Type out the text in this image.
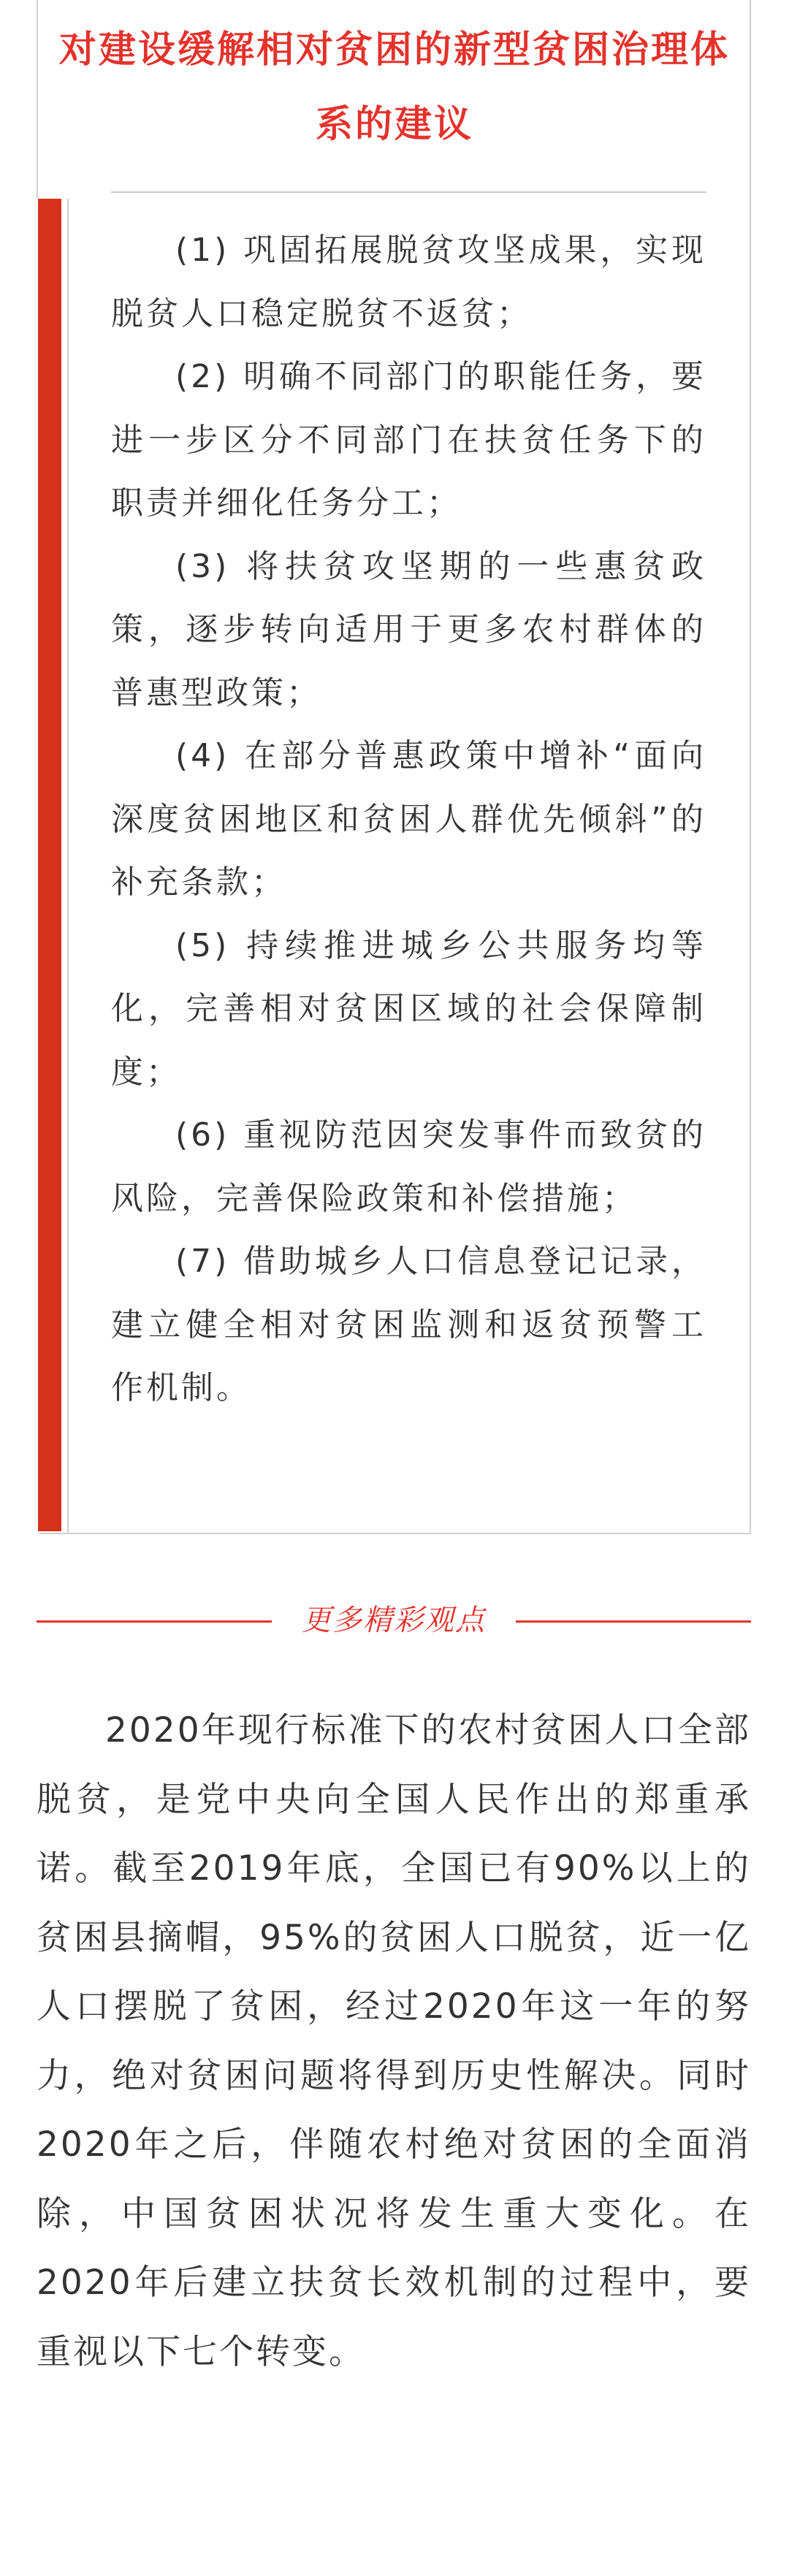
对建设缓解相对贫困的新型贫困治理体系的建议
(1) 巩固拓展脱贫攻坚成果，实现脱贫人口稳定脱贫不返贫；
(2) 明确不同部门的职能任务，要进一步区分不同部门在扶贫任务下的职责并细化任务分工；
(3) 将扶贫攻坚期的一些惠贫政策，逐步转向适用于更多农村群体的普惠型政策；
(4) 在部分普惠政策中增补“面向深度贫困地区和贫困人群优先倾斜”的补充条款；
(5) 持续推进城乡公共服务均等化，完善相对贫困区域的社会保障制度；
(6) 重视防范因突发事件而致贫的风险，完善保险政策和补偿措施；
(7) 借助城乡人口信息登记记录，建立健全相对贫困监测和返贫预警工作机制。
更多精彩观点

2020年现行标准下的农村贫困人口全部脱贫，是党中央向全国人民作出的郑重承诺。截至2019年底，全国已有90%以上的贫困县摘帽，95%的贫困人口脱贫，近一亿人口摆脱了贫困，经过2020年这一年的努力，绝对贫困问题将得到历史性解决。同时2020年之后，伴随农村绝对贫困的全面消除，中国贫困状况将发生重大变化。在2020年后建立扶贫长效机制的过程中，要重视以下七个转变。
